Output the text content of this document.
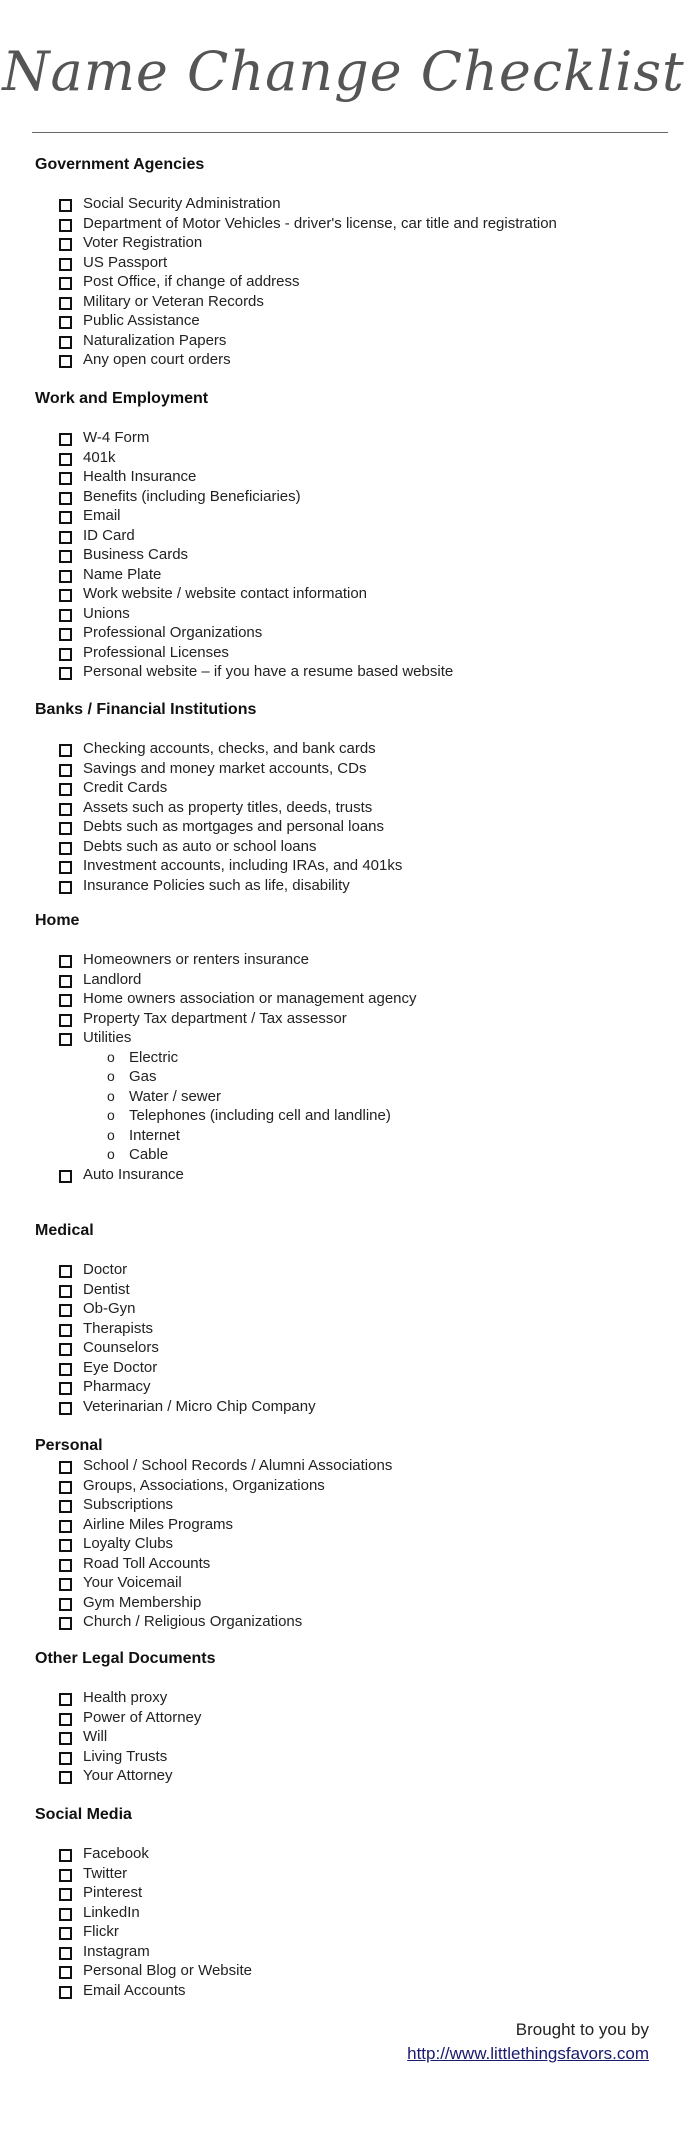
Name Change Checklist
Government Agencies
Social Security Administration
Department of Motor Vehicles - driver's license, car title and registration
Voter Registration
US Passport
Post Office, if change of address
Military or Veteran Records
Public Assistance
Naturalization Papers
Any open court orders
Work and Employment
W-4 Form
401k
Health Insurance
Benefits (including Beneficiaries)
Email
ID Card
Business Cards
Name Plate
Work website / website contact information
Unions
Professional Organizations
Professional Licenses
Personal website – if you have a resume based website
Banks / Financial Institutions
Checking accounts, checks, and bank cards
Savings and money market accounts, CDs
Credit Cards
Assets such as property titles, deeds, trusts
Debts such as mortgages and personal loans
Debts such as auto or school loans
Investment accounts, including IRAs, and 401ks
Insurance Policies such as life, disability
Home
Homeowners or renters insurance
Landlord
Home owners association or management agency
Property Tax department / Tax assessor
Utilities
o Electric
o Gas
o Water / sewer
o Telephones (including cell and landline)
o Internet
o Cable
Auto Insurance
Medical
Doctor
Dentist
Ob-Gyn
Therapists
Counselors
Eye Doctor
Pharmacy
Veterinarian / Micro Chip Company
Personal
School / School Records / Alumni Associations
Groups, Associations, Organizations
Subscriptions
Airline Miles Programs
Loyalty Clubs
Road Toll Accounts
Your Voicemail
Gym Membership
Church / Religious Organizations
Other Legal Documents
Health proxy
Power of Attorney
Will
Living Trusts
Your Attorney
Social Media
Facebook
Twitter
Pinterest
LinkedIn
Flickr
Instagram
Personal Blog or Website
Email Accounts
Brought to you by
http://www.littlethingsfavors.com
